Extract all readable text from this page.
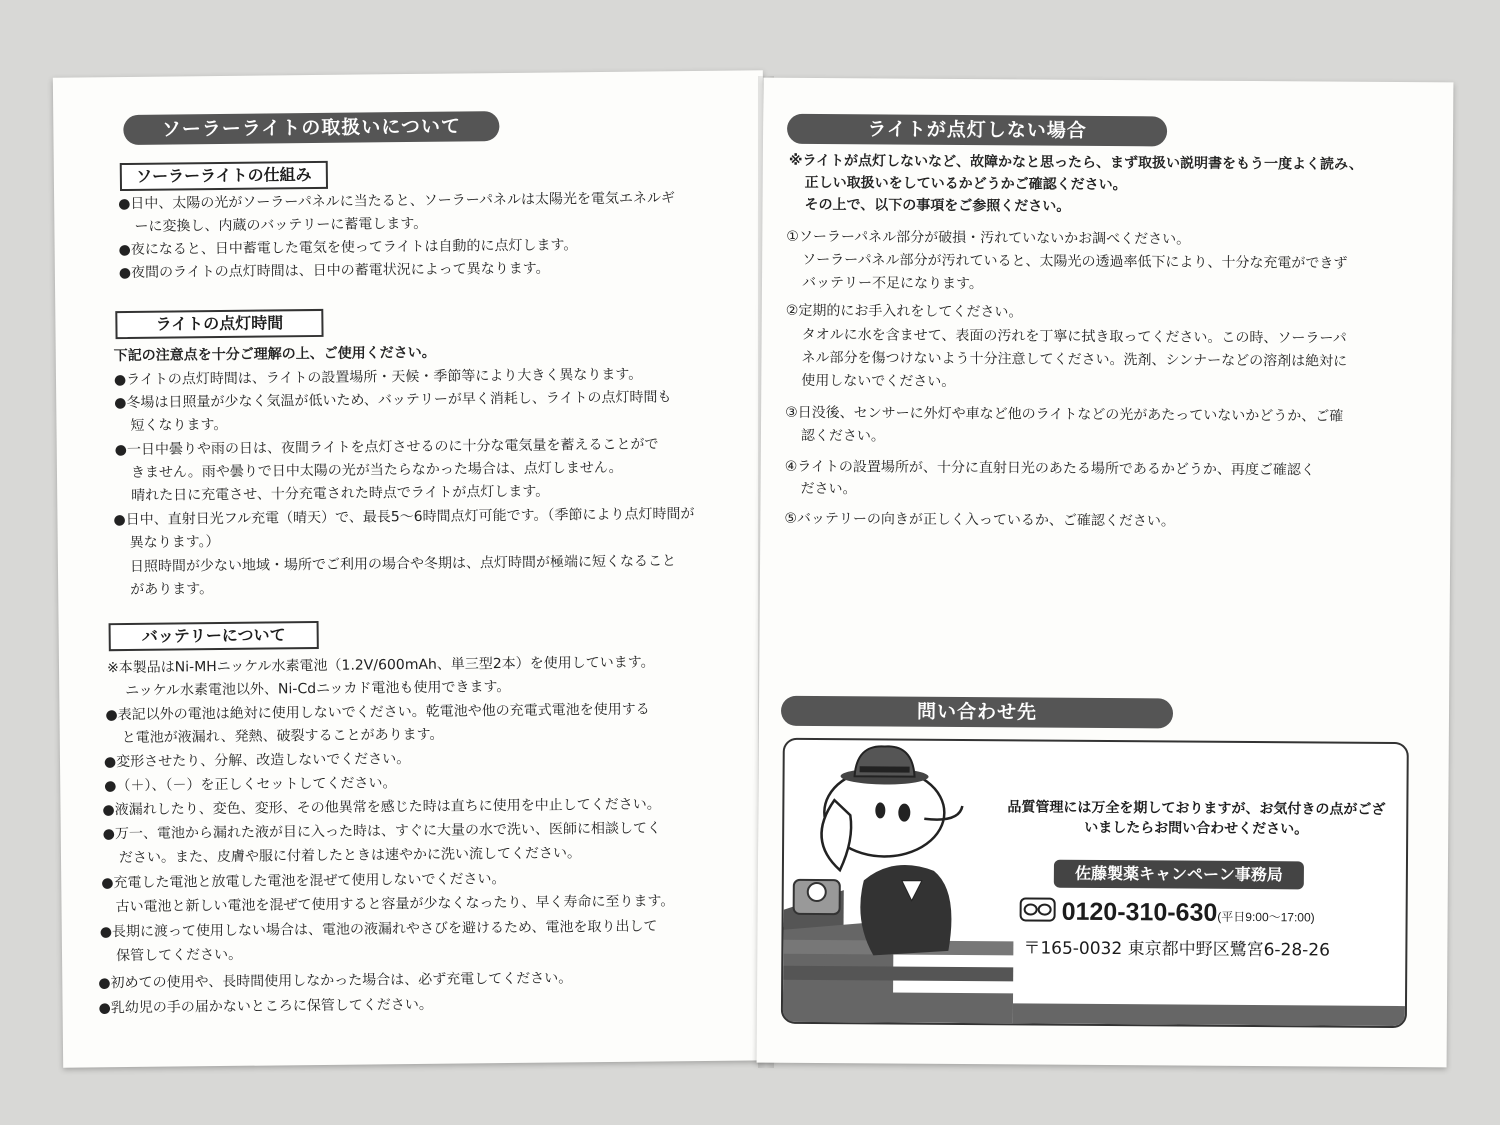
ソーラーライトの取扱いについて
ソーラーライトの仕組み
●日中、太陽の光がソーラーパネルに当たると、ソーラーパネルは太陽光を電気エネルギ
ーに変換し、内蔵のバッテリーに蓄電します。
●夜になると、日中蓄電した電気を使ってライトは自動的に点灯します。
●夜間のライトの点灯時間は、日中の蓄電状況によって異なります。
ライトの点灯時間
下記の注意点を十分ご理解の上、ご使用ください。
●ライトの点灯時間は、ライトの設置場所・天候・季節等により大きく異なります。
●冬場は日照量が少なく気温が低いため、バッテリーが早く消耗し、ライトの点灯時間も
短くなります。
●一日中曇りや雨の日は、夜間ライトを点灯させるのに十分な電気量を蓄えることがで
きません。雨や曇りで日中太陽の光が当たらなかった場合は、点灯しません。
晴れた日に充電させ、十分充電された時点でライトが点灯します。
●日中、直射日光フル充電（晴天）で、最長5～6時間点灯可能です。（季節により点灯時間が
異なります。）
日照時間が少ない地域・場所でご利用の場合や冬期は、点灯時間が極端に短くなること
があります。
バッテリーについて
※本製品はNi-MHニッケル水素電池（1.2V/600mAh、単三型2本）を使用しています。
ニッケル水素電池以外、Ni-Cdニッカド電池も使用できます。
●表記以外の電池は絶対に使用しないでください。乾電池や他の充電式電池を使用する
と電池が液漏れ、発熱、破裂することがあります。
●変形させたり、分解、改造しないでください。
●（＋）、（－）を正しくセットしてください。
●液漏れしたり、変色、変形、その他異常を感じた時は直ちに使用を中止してください。
●万一、電池から漏れた液が目に入った時は、すぐに大量の水で洗い、医師に相談してく
ださい。また、皮膚や服に付着したときは速やかに洗い流してください。
●充電した電池と放電した電池を混ぜて使用しないでください。
古い電池と新しい電池を混ぜて使用すると容量が少なくなったり、早く寿命に至ります。
●長期に渡って使用しない場合は、電池の液漏れやさびを避けるため、電池を取り出して
保管してください。
●初めての使用や、長時間使用しなかった場合は、必ず充電してください。
●乳幼児の手の届かないところに保管してください。
ライトが点灯しない場合
※ライトが点灯しないなど、故障かなと思ったら、まず取扱い説明書をもう一度よく読み、
正しい取扱いをしているかどうかご確認ください。
その上で、以下の事項をご参照ください。
①ソーラーパネル部分が破損・汚れていないかお調べください。
ソーラーパネル部分が汚れていると、太陽光の透過率低下により、十分な充電ができず
バッテリー不足になります。
②定期的にお手入れをしてください。
タオルに水を含ませて、表面の汚れを丁寧に拭き取ってください。この時、ソーラーパ
ネル部分を傷つけないよう十分注意してください。洗剤、シンナーなどの溶剤は絶対に
使用しないでください。
③日没後、センサーに外灯や車など他のライトなどの光があたっていないかどうか、ご確
認ください。
④ライトの設置場所が、十分に直射日光のあたる場所であるかどうか、再度ご確認く
ださい。
⑤バッテリーの向きが正しく入っているか、ご確認ください。
問い合わせ先
品質管理には万全を期しておりますが、お気付きの点がございましたらお問い合わせください。
佐藤製薬キャンペーン事務局
0120-310-630(平日9:00～17:00)
〒165-0032 東京都中野区鷺宮6-28-26
